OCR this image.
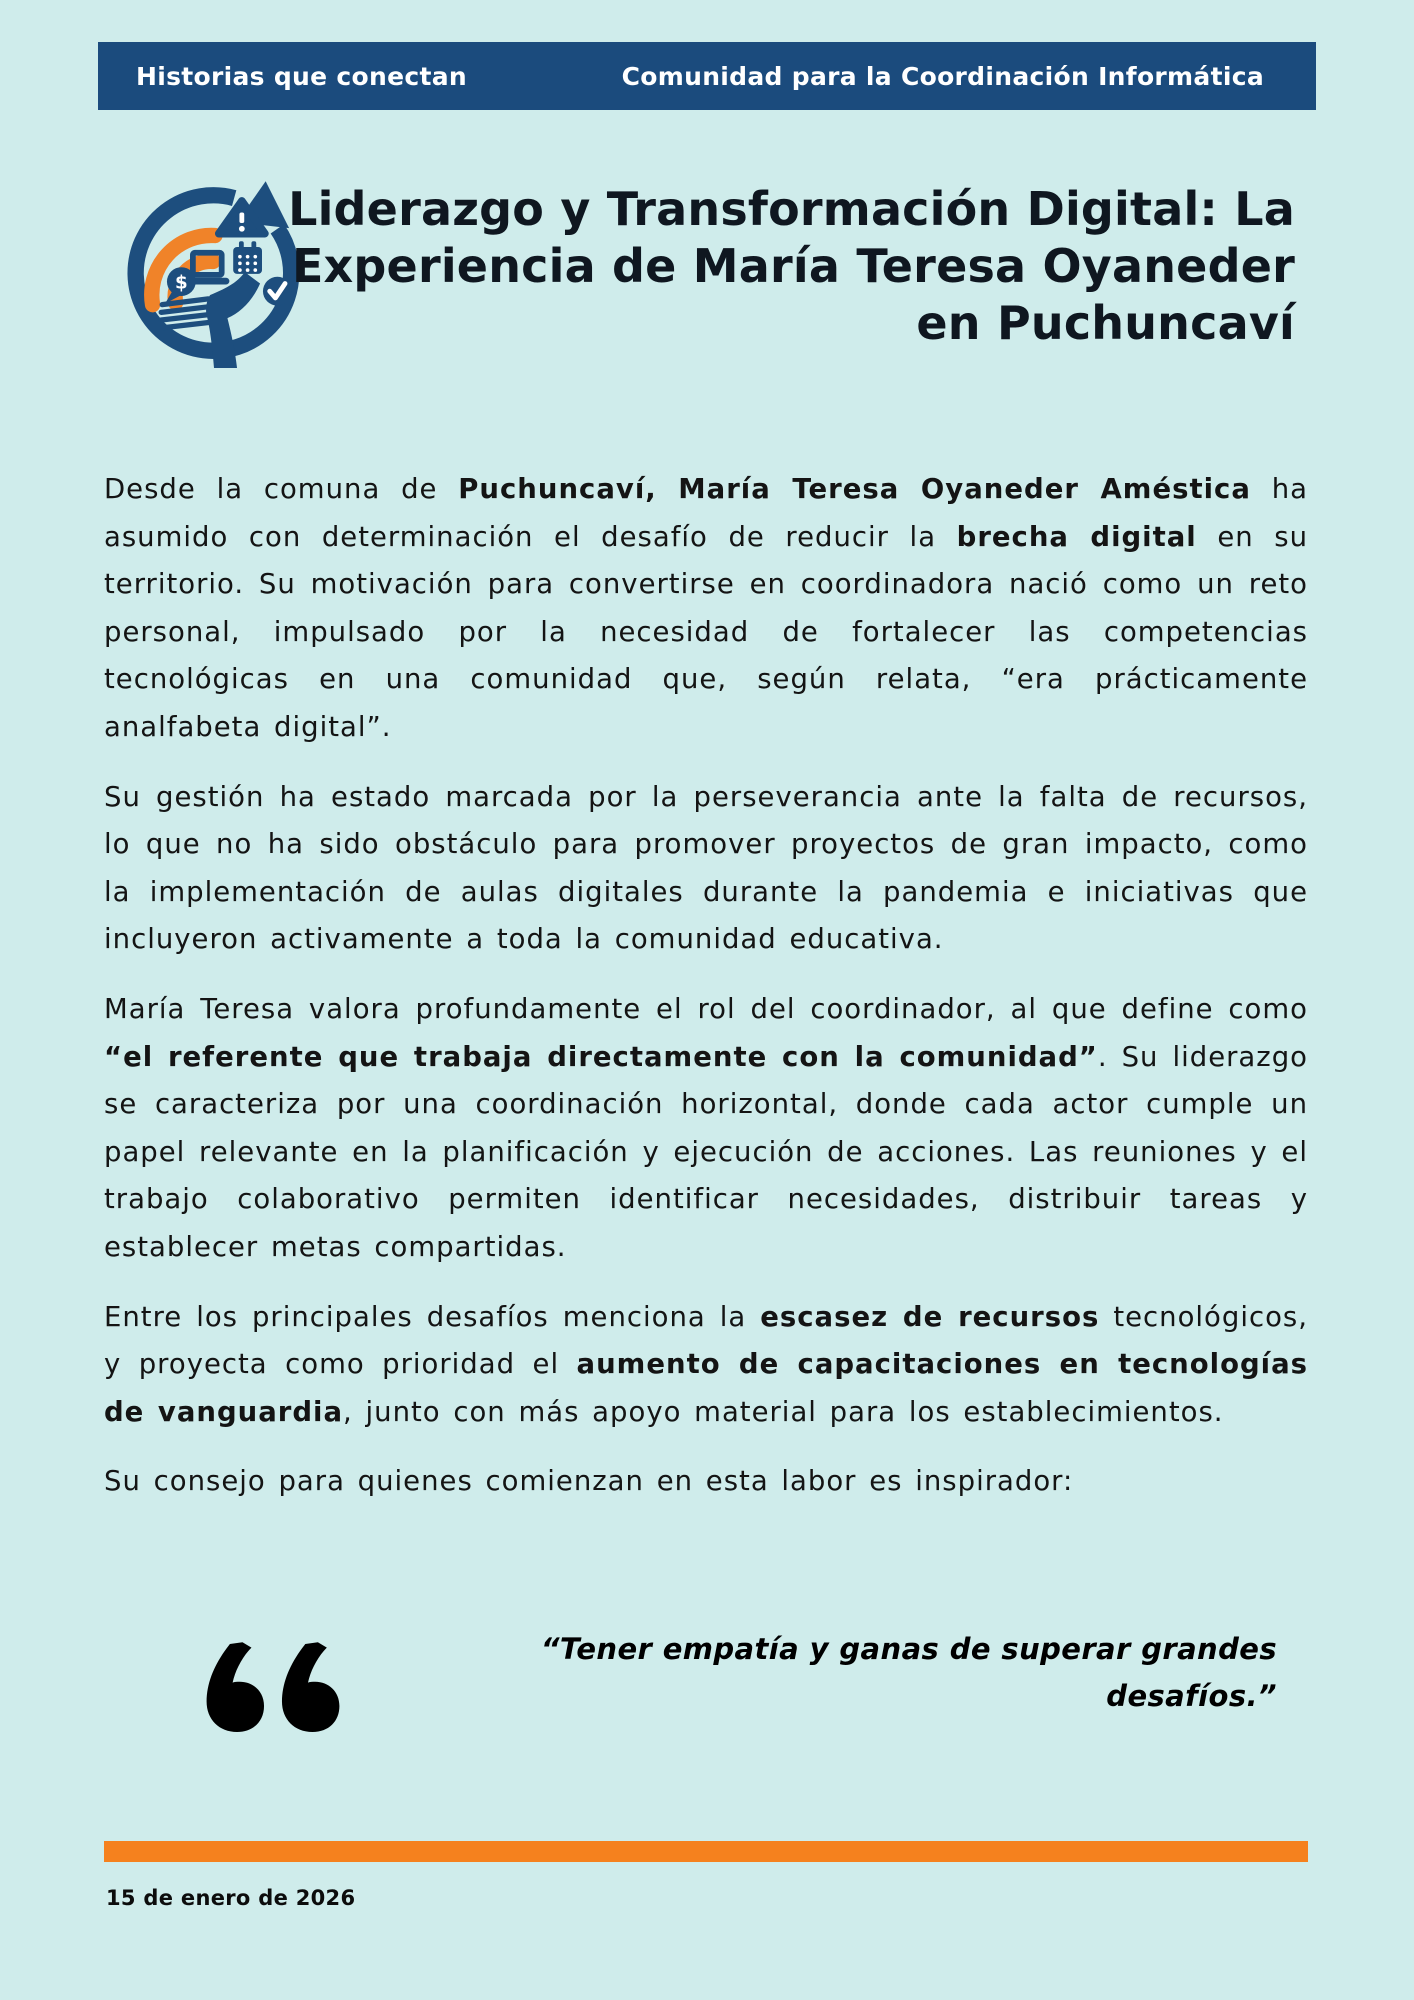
Historias que conectan	Comunidad para la Coordinación Informática
$
Liderazgo y Transformación Digital: La
Experiencia de María Teresa Oyaneder
en Puchuncaví

Desde la comuna de Puchuncaví, María Teresa Oyaneder Améstica ha asumido con determinación el desafío de reducir la brecha digital en su territorio. Su motivación para convertirse en coordinadora nació como un reto personal, impulsado por la necesidad de fortalecer las competencias tecnológicas en una comunidad que, según relata, “era prácticamente analfabeta digital”.

Su gestión ha estado marcada por la perseverancia ante la falta de recursos, lo que no ha sido obstáculo para promover proyectos de gran impacto, como la implementación de aulas digitales durante la pandemia e iniciativas que incluyeron activamente a toda la comunidad educativa.

María Teresa valora profundamente el rol del coordinador, al que define como “el referente que trabaja directamente con la comunidad”. Su liderazgo se caracteriza por una coordinación horizontal, donde cada actor cumple un papel relevante en la planificación y ejecución de acciones. Las reuniones y el trabajo colaborativo permiten identificar necesidades, distribuir tareas y establecer metas compartidas.

Entre los principales desafíos menciona la escasez de recursos tecnológicos, y proyecta como prioridad el aumento de capacitaciones en tecnologías de vanguardia, junto con más apoyo material para los establecimientos.

Su consejo para quienes comienzan en esta labor es inspirador:

“Tener empatía y ganas de superar grandes desafíos.”
15 de enero de 2026
